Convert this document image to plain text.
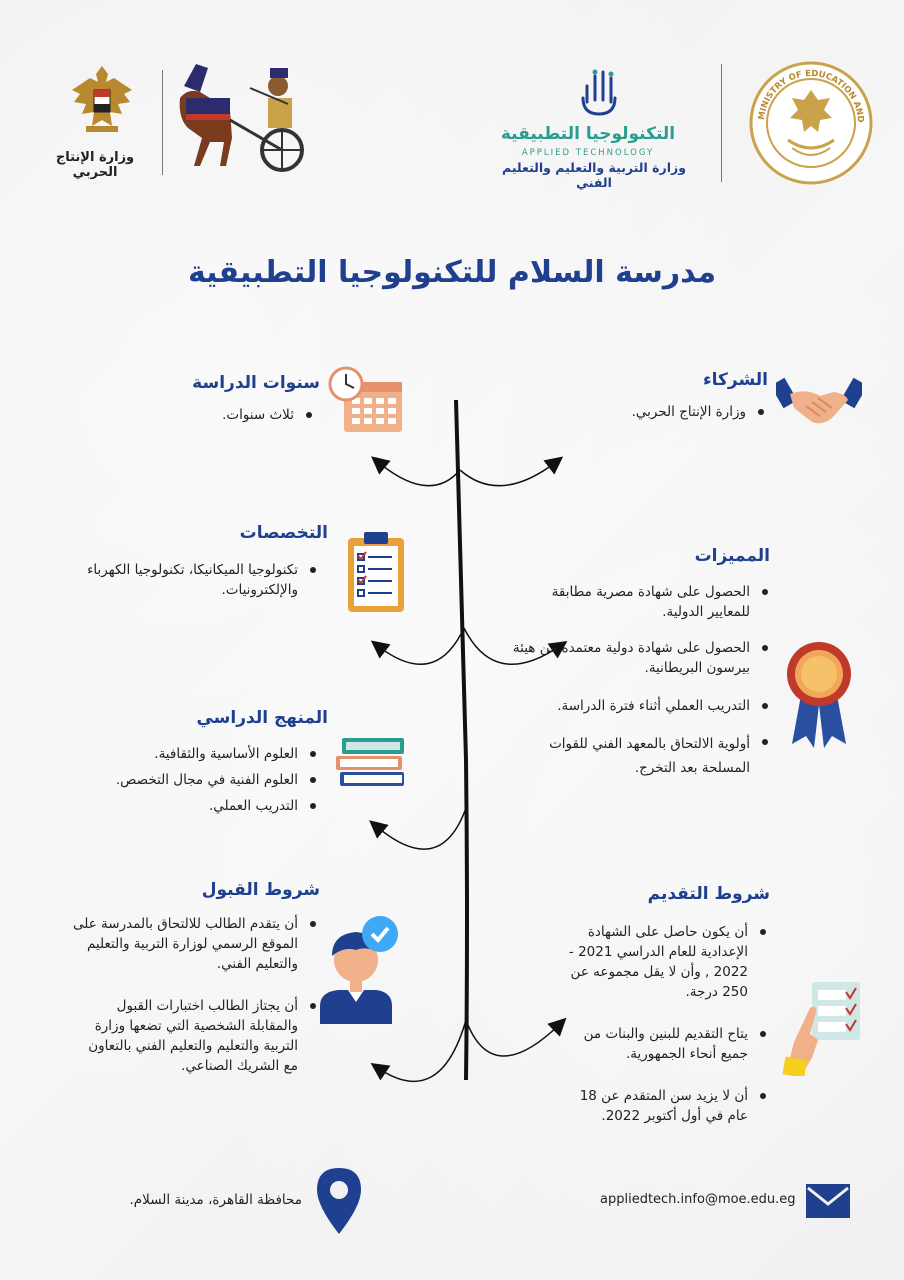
وزارة الإنتاج الحربي
التكنولوجيا التطبيقية
APPLIED TECHNOLOGY
وزارة التربية والتعليم والتعليم الفني
MINISTRY OF EDUCATION AND
مدرسة السلام للتكنولوجيا التطبيقية
الشركاء
وزارة الإنتاج الحربي.
المميزات
الحصول على شهادة مصرية مطابقة للمعايير الدولية.
الحصول على شهادة دولية معتمده من هيئة بيرسون البريطانية.
التدريب العملي أثناء فترة الدراسة.
أولوية الالتحاق بالمعهد الفني للقوات المسلحة بعد التخرج.
شروط التقديم
أن يكون حاصل على الشهادة الإعدادية للعام الدراسي 2021 - 2022 , وأن لا يقل مجموعه عن 250 درجة.
يتاح التقديم للبنين والبنات من جميع أنحاء الجمهورية.
أن لا يزيد سن المتقدم عن 18 عام في أول أكتوبر 2022.
سنوات الدراسة
ثلاث سنوات.
التخصصات
تكنولوجيا الميكانيكا، تكنولوجيا الكهرباء والإلكترونيات.
المنهج الدراسي
العلوم الأساسية والثقافية.
العلوم الفنية في مجال التخصص.
التدريب العملي.
شروط القبول
أن يتقدم الطالب للالتحاق بالمدرسة على الموقع الرسمي لوزارة التربية والتعليم والتعليم الفني.
أن يجتاز الطالب اختبارات القبول والمقابلة الشخصية التي تضعها وزارة التربية والتعليم والتعليم الفني بالتعاون مع الشريك الصناعي.
محافظة القاهرة، مدينة السلام.	appliedtech.info@moe.edu.eg
